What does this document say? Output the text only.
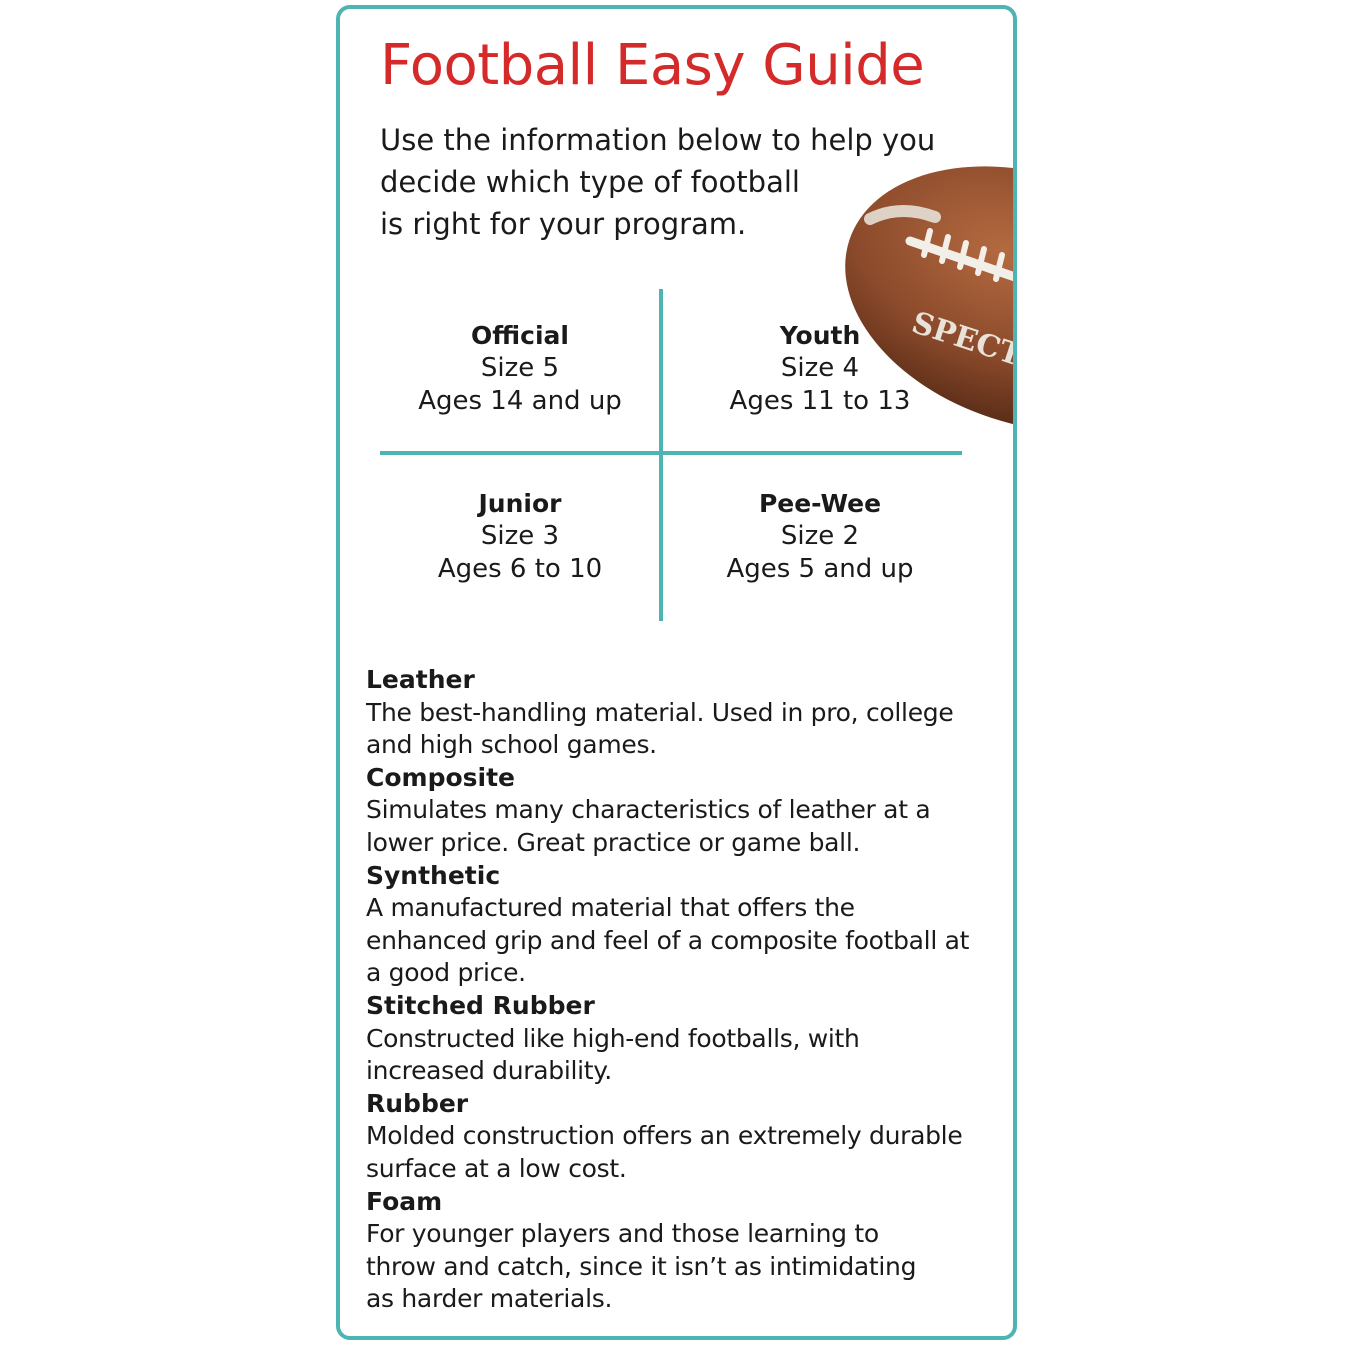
Football Easy Guide
Use the information below to help you
decide which type of football
is right for your program.
SPECTR
Official
Size 5
Ages 14 and up
Youth
Size 4
Ages 11 to 13
Junior
Size 3
Ages 6 to 10
Pee-Wee
Size 2
Ages 5 and up
Leather
The best-handling material. Used in pro, college
and high school games.
Composite
Simulates many characteristics of leather at a
lower price. Great practice or game ball.
Synthetic
A manufactured material that offers the
enhanced grip and feel of a composite football at
a good price.
Stitched Rubber
Constructed like high-end footballs, with
increased durability.
Rubber
Molded construction offers an extremely durable
surface at a low cost.
Foam
For younger players and those learning to
throw and catch, since it isn’t as intimidating
as harder materials.
